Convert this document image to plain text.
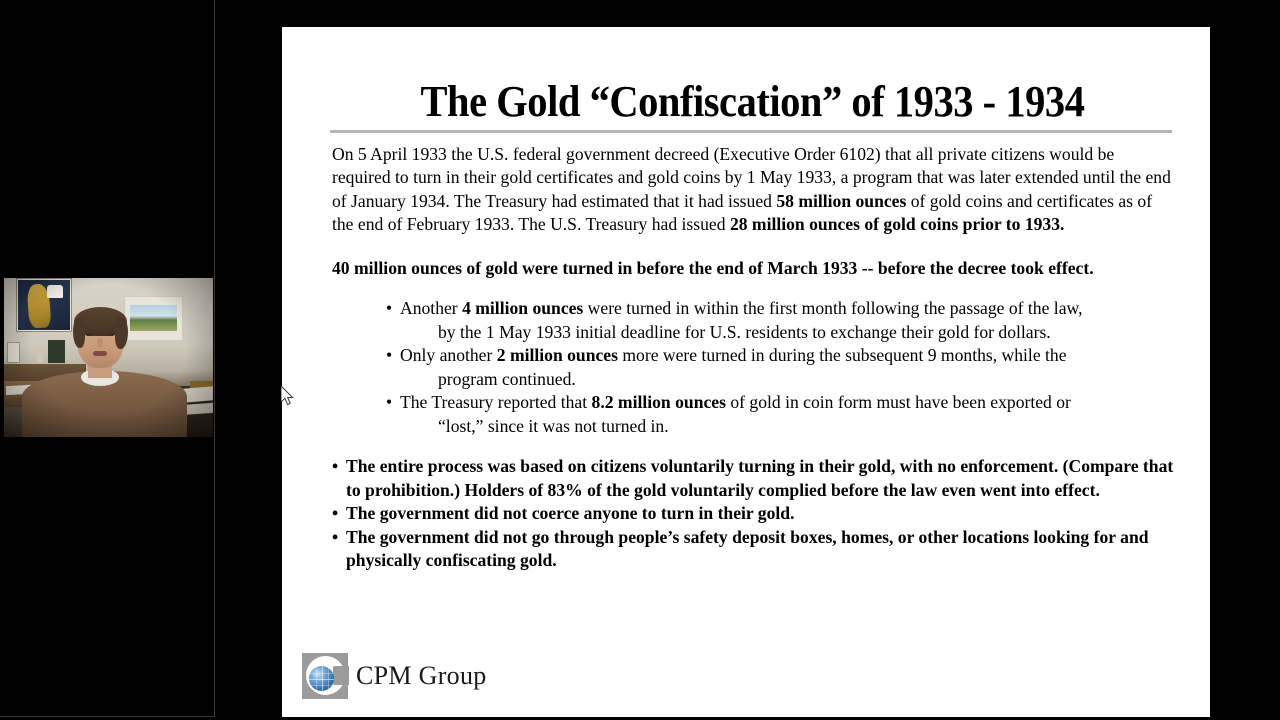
The Gold “Confiscation” of 1933 - 1934

On 5 April 1933 the U.S. federal government decreed (Executive Order 6102) that all private citizens would be required to turn in their gold certificates and gold coins by 1 May 1933, a program that was later extended until the end of January 1934. The Treasury had estimated that it had issued 58 million ounces of gold coins and certificates as of the end of February 1933. The U.S. Treasury had issued 28 million ounces of gold coins prior to 1933.

40 million ounces of gold were turned in before the end of March 1933 -- before the decree took effect.

• Another 4 million ounces were turned in within the first month following the passage of the law,
by the 1 May 1933 initial deadline for U.S. residents to exchange their gold for dollars.
• Only another 2 million ounces more were turned in during the subsequent 9 months, while the
program continued.
• The Treasury reported that 8.2 million ounces of gold in coin form must have been exported or
“lost,” since it was not turned in.
• The entire process was based on citizens voluntarily turning in their gold, with no enforcement. (Compare that to prohibition.) Holders of 83% of the gold voluntarily complied before the law even went into effect.
• The government did not coerce anyone to turn in their gold.
• The government did not go through people’s safety deposit boxes, homes, or other locations looking for and physically confiscating gold.
CPM Group
